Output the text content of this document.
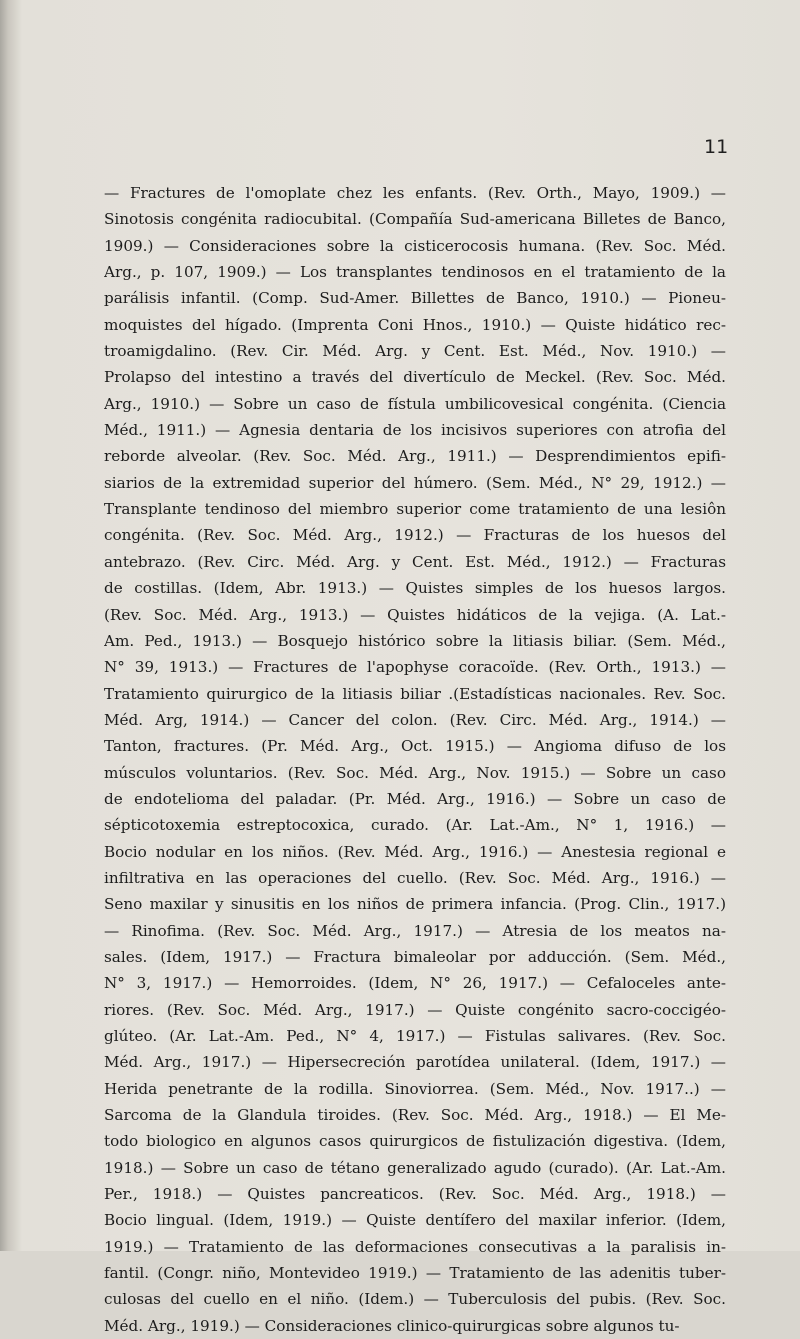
11
— Fractures de l'omoplate chez les enfants. (Rev. Orth., Mayo, 1909.) —
Sinotosis congénita radiocubital. (Compañía Sud-americana Billetes de Banco,
1909.) — Consideraciones sobre la cisticerocosis humana. (Rev. Soc. Méd.
Arg., p. 107, 1909.) — Los transplantes tendinosos en el tratamiento de la
parálisis infantil. (Comp. Sud-Amer. Billettes de Banco, 1910.) — Pioneu-
moquistes del hígado. (Imprenta Coni Hnos., 1910.) — Quiste hidático rec-
troamigdalino. (Rev. Cir. Méd. Arg. y Cent. Est. Méd., Nov. 1910.) —
Prolapso del intestino a través del divertículo de Meckel. (Rev. Soc. Méd.
Arg., 1910.) — Sobre un caso de fístula umbilicovesical congénita. (Ciencia
Méd., 1911.) — Agnesia dentaria de los incisivos superiores con atrofia del
reborde alveolar. (Rev. Soc. Méd. Arg., 1911.) — Desprendimientos epifi-
siarios de la extremidad superior del húmero. (Sem. Méd., N° 29, 1912.) —
Transplante tendinoso del miembro superior come tratamiento de una lesiôn
congénita. (Rev. Soc. Méd. Arg., 1912.) — Fracturas de los huesos del
antebrazo. (Rev. Circ. Méd. Arg. y Cent. Est. Méd., 1912.) — Fracturas
de costillas. (Idem, Abr. 1913.) — Quistes simples de los huesos largos.
(Rev. Soc. Méd. Arg., 1913.) — Quistes hidáticos de la vejiga. (A. Lat.-
Am. Ped., 1913.) — Bosquejo histórico sobre la litiasis biliar. (Sem. Méd.,
N° 39, 1913.) — Fractures de l'apophyse coracoïde. (Rev. Orth., 1913.) —
Tratamiento quirurgico de la litiasis biliar .(Estadísticas nacionales. Rev. Soc.
Méd. Arg, 1914.) — Cancer del colon. (Rev. Circ. Méd. Arg., 1914.) —
Tanton, fractures. (Pr. Méd. Arg., Oct. 1915.) — Angioma difuso de los
músculos voluntarios. (Rev. Soc. Méd. Arg., Nov. 1915.) — Sobre un caso
de endotelioma del paladar. (Pr. Méd. Arg., 1916.) — Sobre un caso de
sépticotoxemia estreptocoxica, curado. (Ar. Lat.-Am., N° 1, 1916.) —
Bocio nodular en los niños. (Rev. Méd. Arg., 1916.) — Anestesia regional e
infiltrativa en las operaciones del cuello. (Rev. Soc. Méd. Arg., 1916.) —
Seno maxilar y sinusitis en los niños de primera infancia. (Prog. Clin., 1917.)
— Rinofima. (Rev. Soc. Méd. Arg., 1917.) — Atresia de los meatos na-
sales. (Idem, 1917.) — Fractura bimaleolar por adducción. (Sem. Méd.,
N° 3, 1917.) — Hemorroides. (Idem, N° 26, 1917.) — Cefaloceles ante-
riores. (Rev. Soc. Méd. Arg., 1917.) — Quiste congénito sacro-coccigéo-
glúteo. (Ar. Lat.-Am. Ped., N° 4, 1917.) — Fistulas salivares. (Rev. Soc.
Méd. Arg., 1917.) — Hipersecreción parotídea unilateral. (Idem, 1917.) —
Herida penetrante de la rodilla. Sinoviorrea. (Sem. Méd., Nov. 1917..) —
Sarcoma de la Glandula tiroides. (Rev. Soc. Méd. Arg., 1918.) — El Me-
todo biologico en algunos casos quirurgicos de fistulización digestiva. (Idem,
1918.) — Sobre un caso de tétano generalizado agudo (curado). (Ar. Lat.-Am.
Per., 1918.) — Quistes pancreaticos. (Rev. Soc. Méd. Arg., 1918.) —
Bocio lingual. (Idem, 1919.) — Quiste dentífero del maxilar inferior. (Idem,
1919.) — Tratamiento de las deformaciones consecutivas a la paralisis in-
fantil. (Congr. niño, Montevideo 1919.) — Tratamiento de las adenitis tuber-
culosas del cuello en el niño. (Idem.) — Tuberculosis del pubis. (Rev. Soc.
Méd. Arg., 1919.) — Consideraciones clinico-quirurgicas sobre algunos tu-
